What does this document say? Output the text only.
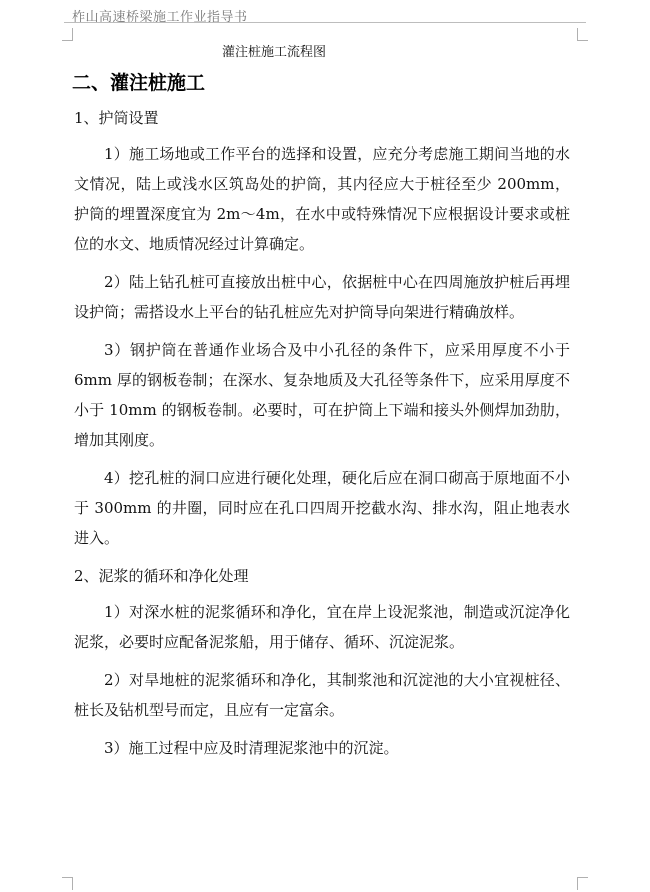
柞山高速桥梁施工作业指导书
灌注桩施工流程图
二、灌注桩施工

1、护筒设置

1）施工场地或工作平台的选择和设置，应充分考虑施工期间当地的水文情况，陆上或浅水区筑岛处的护筒，其内径应大于桩径至少 200mm，护筒的埋置深度宜为 2m～4m，在水中或特殊情况下应根据设计要求或桩位的水文、地质情况经过计算确定。

2）陆上钻孔桩可直接放出桩中心，依据桩中心在四周施放护桩后再埋设护筒；需搭设水上平台的钻孔桩应先对护筒导向架进行精确放样。

3）钢护筒在普通作业场合及中小孔径的条件下，应采用厚度不小于 6mm 厚的钢板卷制；在深水、复杂地质及大孔径等条件下，应采用厚度不小于 10mm 的钢板卷制。必要时，可在护筒上下端和接头外侧焊加劲肋，增加其刚度。

4）挖孔桩的洞口应进行硬化处理，硬化后应在洞口砌高于原地面不小于 300mm 的井圈，同时应在孔口四周开挖截水沟、排水沟，阻止地表水进入。

2、泥浆的循环和净化处理

1）对深水桩的泥浆循环和净化，宜在岸上设泥浆池，制造或沉淀净化泥浆，必要时应配备泥浆船，用于储存、循环、沉淀泥浆。

2）对旱地桩的泥浆循环和净化，其制浆池和沉淀池的大小宜视桩径、桩长及钻机型号而定，且应有一定富余。

3）施工过程中应及时清理泥浆池中的沉淀。
